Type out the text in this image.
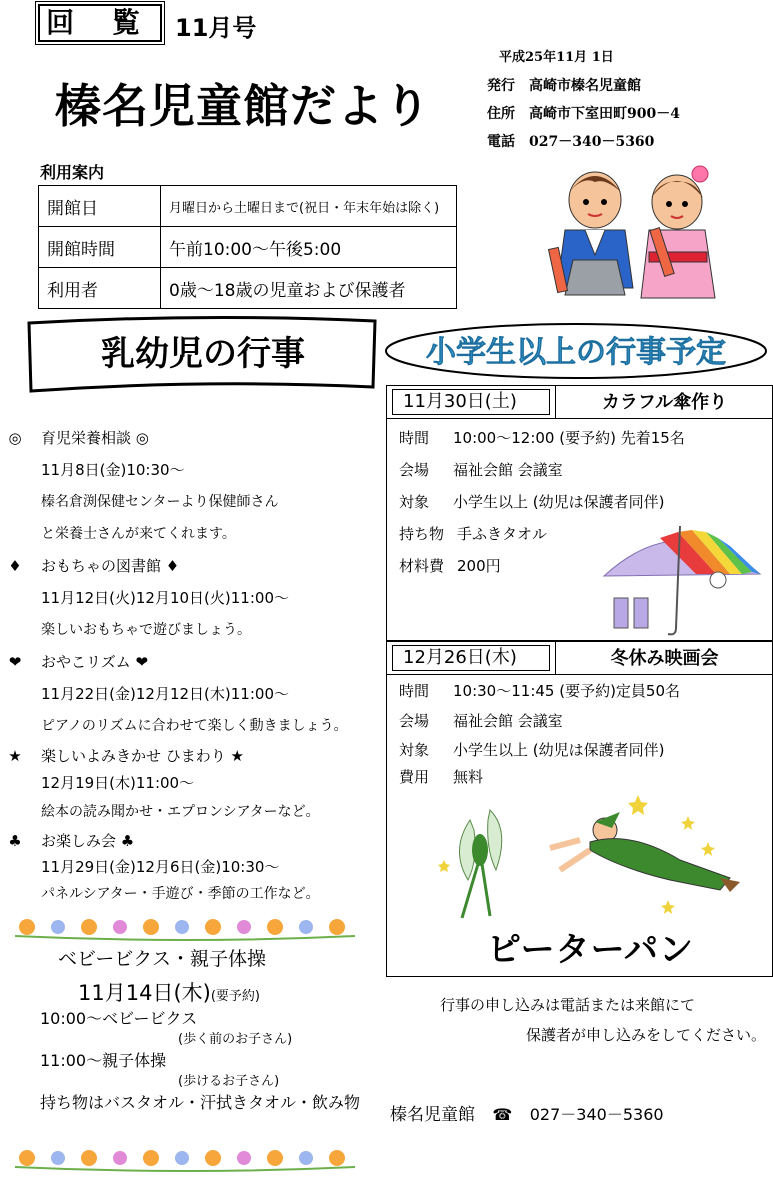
回 覧 11月号
榛名児童館だより
平成25年11月 1日
発行 高崎市榛名児童館
住所 高崎市下室田町900－4
電話 027－340－5360
利用案内
開館日	月曜日から土曜日まで(祝日・年末年始は除く)
開館時間	午前10:00～午後5:00
利用者	0歳～18歳の児童および保護者
乳幼児の行事	小学生以上の行事予定
◎ 育児栄養相談 ◎
11月8日(金)10:30～
榛名倉渕保健センターより保健師さん
と栄養士さんが来てくれます。
♦ おもちゃの図書館 ♦
11月12日(火)12月10日(火)11:00～
楽しいおもちゃで遊びましょう。
❤ おやこリズム ❤
11月22日(金)12月12日(木)11:00～
ピアノのリズムに合わせて楽しく動きましょう。
★ 楽しいよみきかせ ひまわり ★
12月19日(木)11:00～
絵本の読み聞かせ・エプロンシアターなど。
♣ お楽しみ会 ♣
11月29日(金)12月6日(金)10:30～
パネルシアター・手遊び・季節の工作など。
ベビービクス・親子体操
11月14日(木)(要予約)
10:00～ベビービクス
(歩く前のお子さん)
11:00～親子体操
(歩けるお子さん)
持ち物はバスタオル・汗拭きタオル・飲み物
11月30日(土)	カラフル傘作り
時間 10:00～12:00 (要予約) 先着15名
会場 福祉会館 会議室
対象 小学生以上 (幼児は保護者同伴)
持ち物 手ふきタオル
材料費 200円
12月26日(木)	冬休み映画会
時間 10:30～11:45 (要予約)定員50名
会場 福祉会館 会議室
対象 小学生以上 (幼児は保護者同伴)
費用 無料
ピーターパン
行事の申し込みは電話または来館にて
保護者が申し込みをしてください。
榛名児童館 ☎ 027－340－5360
